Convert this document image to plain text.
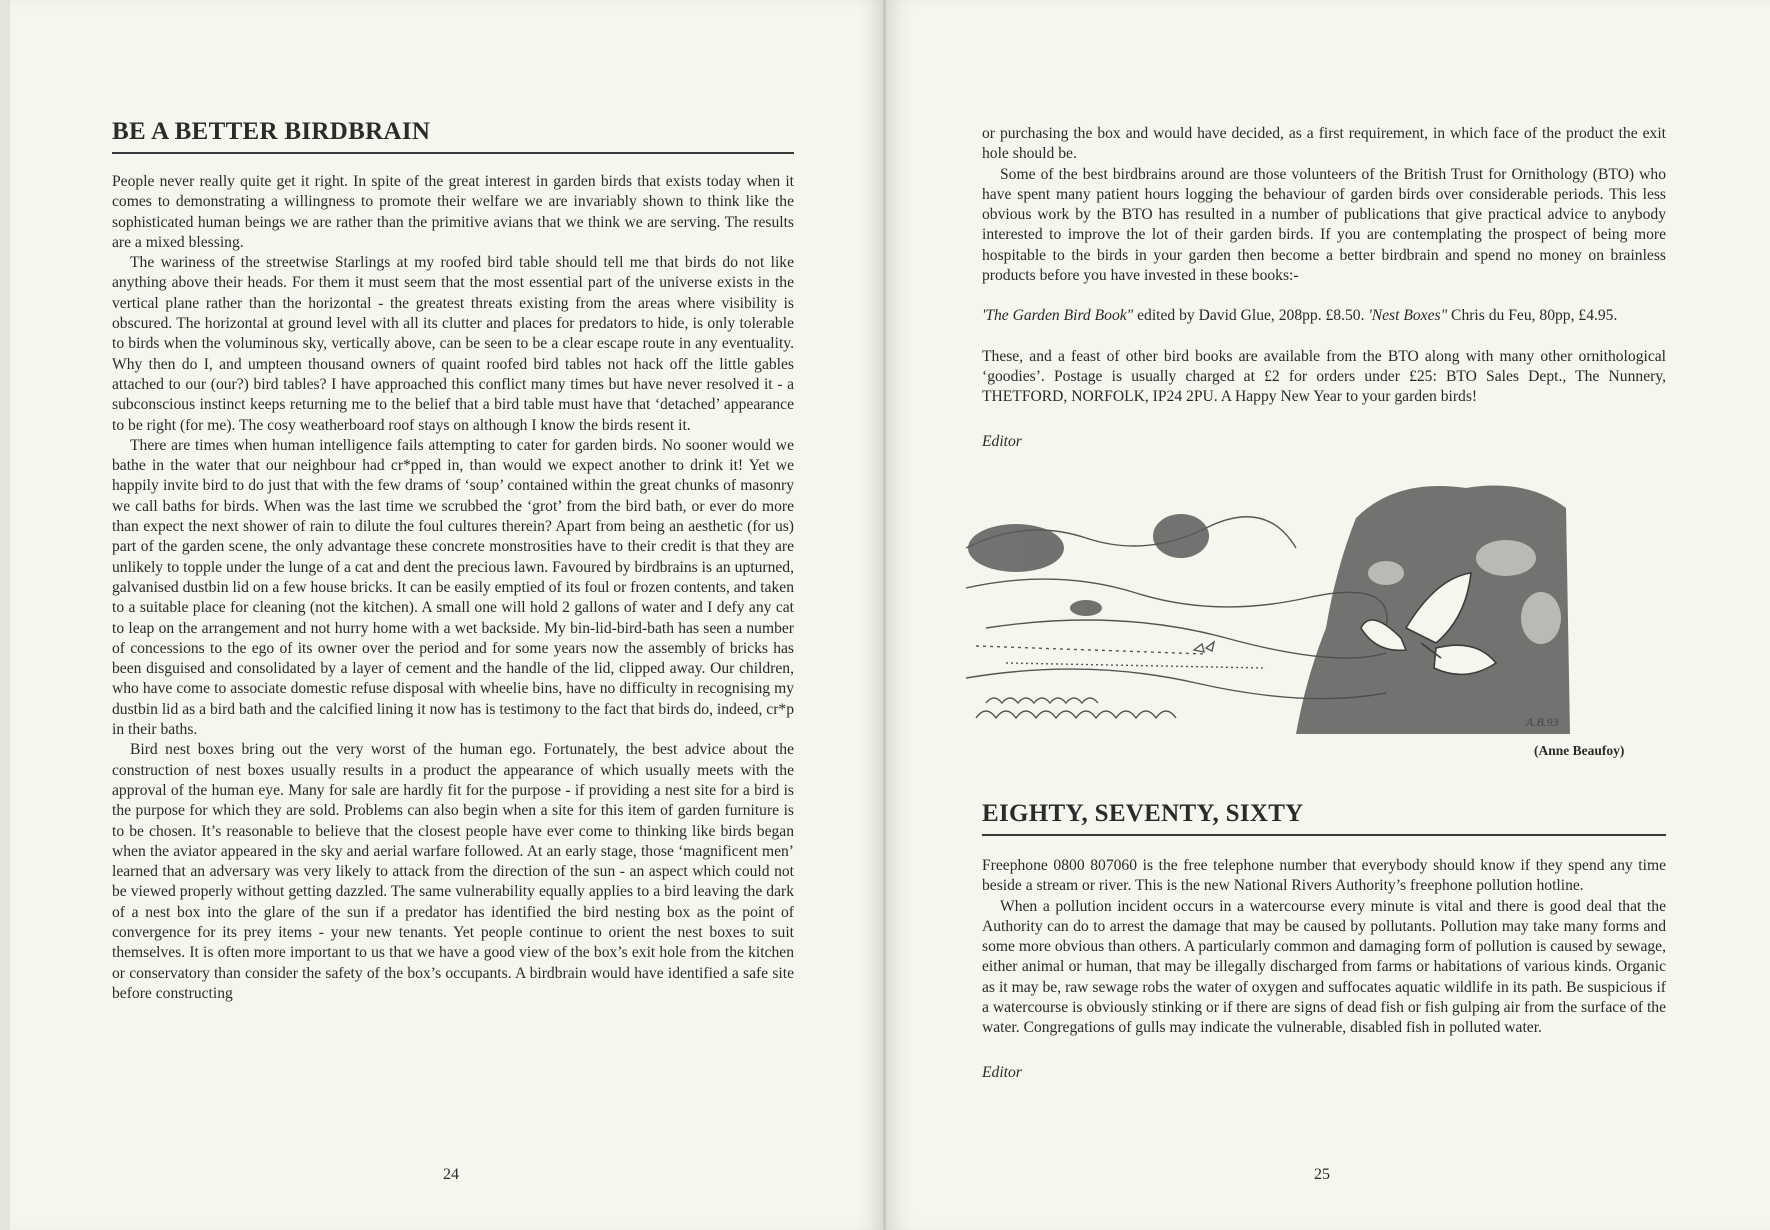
BE A BETTER BIRDBRAIN

People never really quite get it right. In spite of the great interest in garden birds that exists today when it comes to demonstrating a willingness to promote their welfare we are invariably shown to think like the sophisticated human beings we are rather than the primitive avians that we think we are serving. The results are a mixed blessing.

The wariness of the streetwise Starlings at my roofed bird table should tell me that birds do not like anything above their heads. For them it must seem that the most essential part of the universe exists in the vertical plane rather than the horizontal - the greatest threats existing from the areas where visibility is obscured. The horizontal at ground level with all its clutter and places for predators to hide, is only tolerable to birds when the voluminous sky, vertically above, can be seen to be a clear escape route in any eventuality. Why then do I, and umpteen thousand owners of quaint roofed bird tables not hack off the little gables attached to our (our?) bird tables? I have approached this conflict many times but have never resolved it - a subconscious instinct keeps returning me to the belief that a bird table must have that ‘detached’ appearance to be right (for me). The cosy weatherboard roof stays on although I know the birds resent it.

There are times when human intelligence fails attempting to cater for garden birds. No sooner would we bathe in the water that our neighbour had cr*pped in, than would we expect another to drink it! Yet we happily invite bird to do just that with the few drams of ‘soup’ contained within the great chunks of masonry we call baths for birds. When was the last time we scrubbed the ‘grot’ from the bird bath, or ever do more than expect the next shower of rain to dilute the foul cultures therein? Apart from being an aesthetic (for us) part of the garden scene, the only advantage these concrete monstrosities have to their credit is that they are unlikely to topple under the lunge of a cat and dent the precious lawn. Favoured by birdbrains is an upturned, galvanised dustbin lid on a few house bricks. It can be easily emptied of its foul or frozen contents, and taken to a suitable place for cleaning (not the kitchen). A small one will hold 2 gallons of water and I defy any cat to leap on the arrangement and not hurry home with a wet backside. My bin-lid-bird-bath has seen a number of concessions to the ego of its owner over the period and for some years now the assembly of bricks has been disguised and consolidated by a layer of cement and the handle of the lid, clipped away. Our children, who have come to associate domestic refuse disposal with wheelie bins, have no difficulty in recognising my dustbin lid as a bird bath and the calcified lining it now has is testimony to the fact that birds do, indeed, cr*p in their baths.

Bird nest boxes bring out the very worst of the human ego. Fortunately, the best advice about the construction of nest boxes usually results in a product the appearance of which usually meets with the approval of the human eye. Many for sale are hardly fit for the purpose - if providing a nest site for a bird is the purpose for which they are sold. Problems can also begin when a site for this item of garden furniture is to be chosen. It’s reasonable to believe that the closest people have ever come to thinking like birds began when the aviator appeared in the sky and aerial warfare followed. At an early stage, those ‘magnificent men’ learned that an adversary was very likely to attack from the direction of the sun - an aspect which could not be viewed properly without getting dazzled. The same vulnerability equally applies to a bird leaving the dark of a nest box into the glare of the sun if a predator has identified the bird nesting box as the point of convergence for its prey items - your new tenants. Yet people continue to orient the nest boxes to suit themselves. It is often more important to us that we have a good view of the box’s exit hole from the kitchen or conservatory than consider the safety of the box’s occupants. A birdbrain would have identified a safe site before constructing

24

or purchasing the box and would have decided, as a first requirement, in which face of the product the exit hole should be.

Some of the best birdbrains around are those volunteers of the British Trust for Ornithology (BTO) who have spent many patient hours logging the behaviour of garden birds over considerable periods. This less obvious work by the BTO has resulted in a number of publications that give practical advice to anybody interested to improve the lot of their garden birds. If you are contemplating the prospect of being more hospitable to the birds in your garden then become a better birdbrain and spend no money on brainless products before you have invested in these books:-

'The Garden Bird Book" edited by David Glue, 208pp. £8.50. 'Nest Boxes" Chris du Feu, 80pp, £4.95.

These, and a feast of other bird books are available from the BTO along with many other ornithological ‘goodies’. Postage is usually charged at £2 for orders under £25: BTO Sales Dept., The Nunnery, THETFORD, NORFOLK, IP24 2PU. A Happy New Year to your garden birds!

Editor

A.B.93
(Anne Beaufoy)
EIGHTY, SEVENTY, SIXTY

Freephone 0800 807060 is the free telephone number that everybody should know if they spend any time beside a stream or river. This is the new National Rivers Authority’s freephone pollution hotline.

When a pollution incident occurs in a watercourse every minute is vital and there is good deal that the Authority can do to arrest the damage that may be caused by pollutants. Pollution may take many forms and some more obvious than others. A particularly common and damaging form of pollution is caused by sewage, either animal or human, that may be illegally discharged from farms or habitations of various kinds. Organic as it may be, raw sewage robs the water of oxygen and suffocates aquatic wildlife in its path. Be suspicious if a watercourse is obviously stinking or if there are signs of dead fish or fish gulping air from the surface of the water. Congregations of gulls may indicate the vulnerable, disabled fish in polluted water.

Editor

25
